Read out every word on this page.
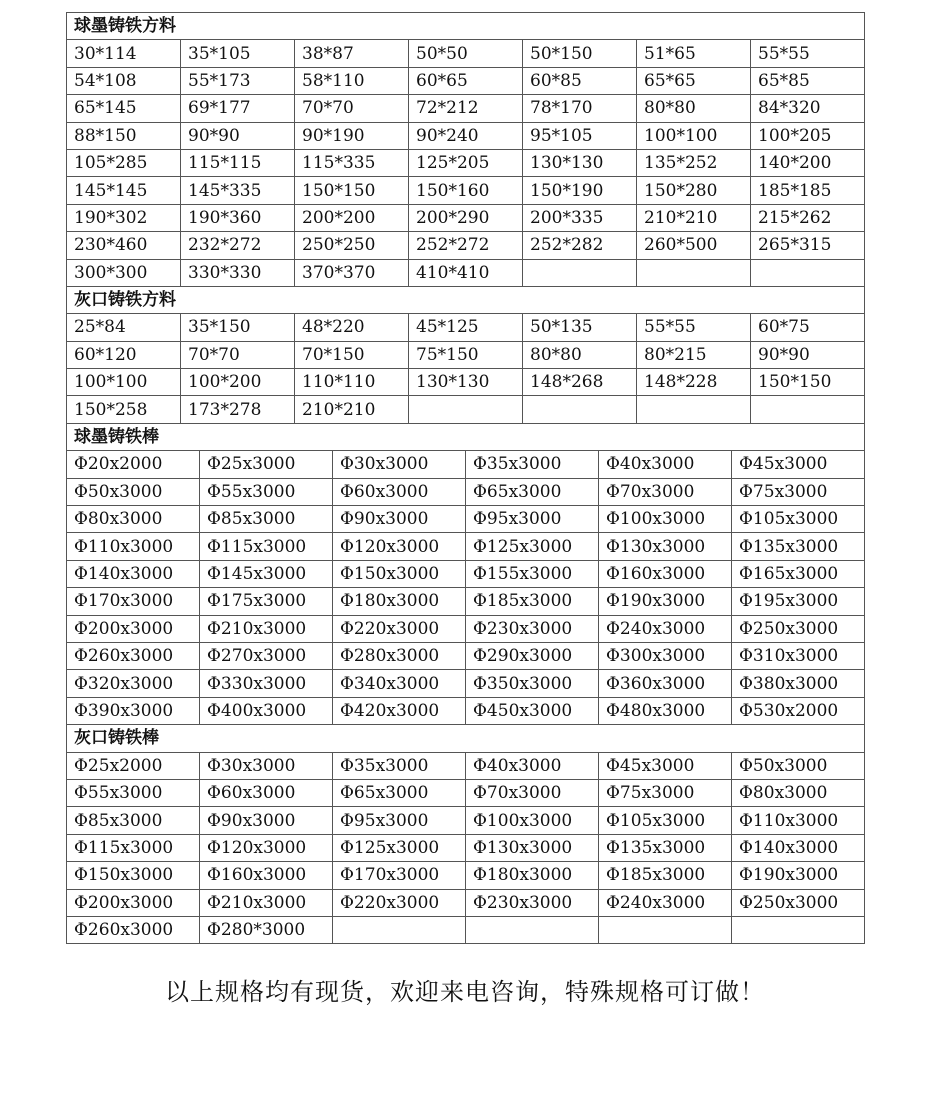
球墨铸铁方料											
30*114	35*105		38*87		50*50		50*150		51*65		55*55
54*108	55*173		58*110		60*65		60*85		65*65		65*85
65*145	69*177		70*70		72*212		78*170		80*80		84*320
88*150	90*90		90*190		90*240		95*105		100*100		100*205
105*285	115*115		115*335		125*205		130*130		135*252		140*200
145*145	145*335		150*150		150*160		150*190		150*280		185*185
190*302	190*360		200*200		200*290		200*335		210*210		215*262
230*460	232*272		250*250		252*272		252*282		260*500		265*315
300*300	330*330		370*370		410*410						
灰口铸铁方料											
25*84	35*150		48*220		45*125		50*135		55*55		60*75
60*120	70*70		70*150		75*150		80*80		80*215		90*90
100*100	100*200		110*110		130*130		148*268		148*228		150*150
150*258	173*278		210*210								
球墨铸铁棒											
Φ20x2000		Φ25x3000		Φ30x3000		Φ35x3000		Φ40x3000		Φ45x3000	
Φ50x3000		Φ55x3000		Φ60x3000		Φ65x3000		Φ70x3000		Φ75x3000	
Φ80x3000		Φ85x3000		Φ90x3000		Φ95x3000		Φ100x3000		Φ105x3000	
Φ110x3000		Φ115x3000		Φ120x3000		Φ125x3000		Φ130x3000		Φ135x3000	
Φ140x3000		Φ145x3000		Φ150x3000		Φ155x3000		Φ160x3000		Φ165x3000	
Φ170x3000		Φ175x3000		Φ180x3000		Φ185x3000		Φ190x3000		Φ195x3000	
Φ200x3000		Φ210x3000		Φ220x3000		Φ230x3000		Φ240x3000		Φ250x3000	
Φ260x3000		Φ270x3000		Φ280x3000		Φ290x3000		Φ300x3000		Φ310x3000	
Φ320x3000		Φ330x3000		Φ340x3000		Φ350x3000		Φ360x3000		Φ380x3000	
Φ390x3000		Φ400x3000		Φ420x3000		Φ450x3000		Φ480x3000		Φ530x2000	
灰口铸铁棒											
Φ25x2000		Φ30x3000		Φ35x3000		Φ40x3000		Φ45x3000		Φ50x3000	
Φ55x3000		Φ60x3000		Φ65x3000		Φ70x3000		Φ75x3000		Φ80x3000	
Φ85x3000		Φ90x3000		Φ95x3000		Φ100x3000		Φ105x3000		Φ110x3000	
Φ115x3000		Φ120x3000		Φ125x3000		Φ130x3000		Φ135x3000		Φ140x3000	
Φ150x3000		Φ160x3000		Φ170x3000		Φ180x3000		Φ185x3000		Φ190x3000	
Φ200x3000		Φ210x3000		Φ220x3000		Φ230x3000		Φ240x3000		Φ250x3000	
Φ260x3000		Φ280*3000									
以上规格均有现货，欢迎来电咨询，特殊规格可订做！
